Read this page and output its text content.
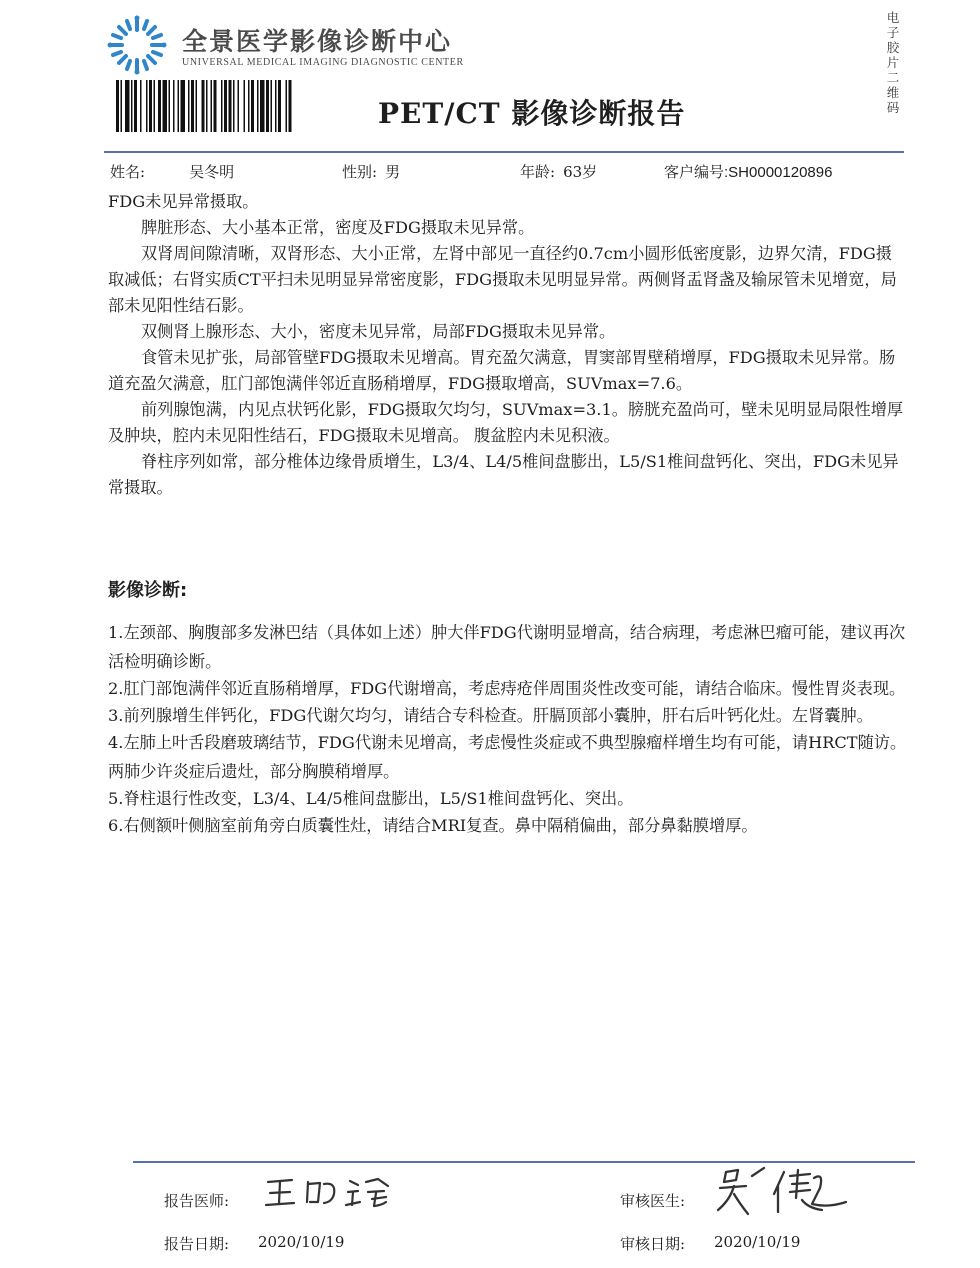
全景医学影像诊断中心
UNIVERSAL MEDICAL IMAGING DIAGNOSTIC CENTER
PET/CT 影像诊断报告
电子胶片二维码
姓名:	吴冬明	性别: 男	年龄: 63岁	客户编号:SH0000120896

FDG未见异常摄取。

脾脏形态、大小基本正常，密度及FDG摄取未见异常。

双肾周间隙清晰，双肾形态、大小正常，左肾中部见一直径约0.7cm小圆形低密度影，边界欠清，FDG摄取减低；右肾实质CT平扫未见明显异常密度影，FDG摄取未见明显异常。两侧肾盂肾盏及输尿管未见增宽，局部未见阳性结石影。

双侧肾上腺形态、大小，密度未见异常，局部FDG摄取未见异常。

食管未见扩张，局部管壁FDG摄取未见增高。胃充盈欠满意，胃窦部胃壁稍增厚，FDG摄取未见异常。肠道充盈欠满意，肛门部饱满伴邻近直肠稍增厚，FDG摄取增高，SUVmax=7.6。

前列腺饱满，内见点状钙化影，FDG摄取欠均匀，SUVmax=3.1。膀胱充盈尚可，壁未见明显局限性增厚及肿块，腔内未见阳性结石，FDG摄取未见增高。 腹盆腔内未见积液。

脊柱序列如常，部分椎体边缘骨质增生，L3/4、L4/5椎间盘膨出，L5/S1椎间盘钙化、突出，FDG未见异常摄取。

影像诊断:

1.左颈部、胸腹部多发淋巴结（具体如上述）肿大伴FDG代谢明显增高，结合病理，考虑淋巴瘤可能，建议再次活检明确诊断。

2.肛门部饱满伴邻近直肠稍增厚，FDG代谢增高，考虑痔疮伴周围炎性改变可能，请结合临床。慢性胃炎表现。

3.前列腺增生伴钙化，FDG代谢欠均匀，请结合专科检查。肝膈顶部小囊肿，肝右后叶钙化灶。左肾囊肿。

4.左肺上叶舌段磨玻璃结节，FDG代谢未见增高，考虑慢性炎症或不典型腺瘤样增生均有可能，请HRCT随访。两肺少许炎症后遗灶，部分胸膜稍增厚。

5.脊柱退行性改变，L3/4、L4/5椎间盘膨出，L5/S1椎间盘钙化、突出。

6.右侧额叶侧脑室前角旁白质囊性灶，请结合MRI复查。鼻中隔稍偏曲，部分鼻黏膜增厚。

报告医师:	审核医生:
报告日期: 2020/10/19	审核日期: 2020/10/19
